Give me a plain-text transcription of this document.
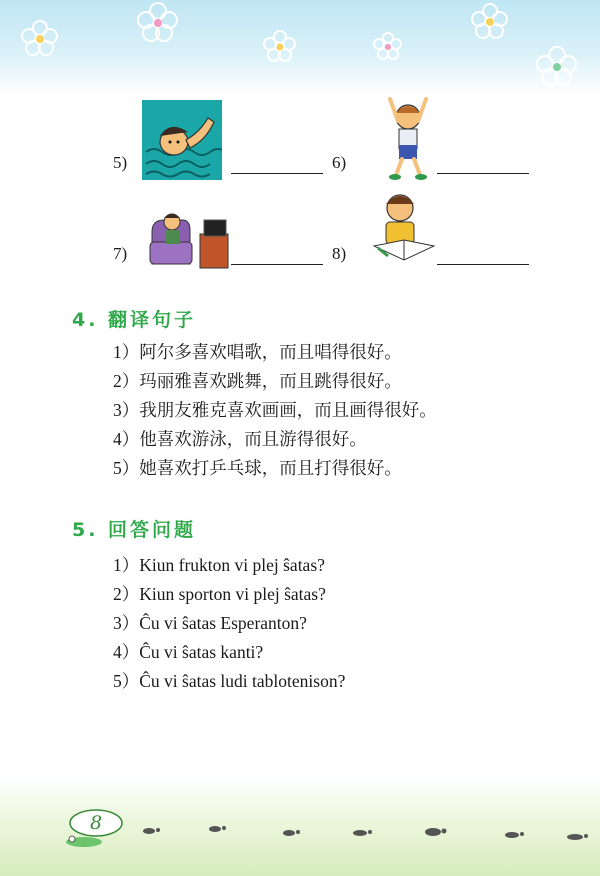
5)	6)
7)	8)
4. 翻译句子
1）阿尔多喜欢唱歌，而且唱得很好。
2）玛丽雅喜欢跳舞，而且跳得很好。
3）我朋友雅克喜欢画画，而且画得很好。
4）他喜欢游泳，而且游得很好。
5）她喜欢打乒乓球，而且打得很好。
5. 回答问题
1）Kiun frukton vi plej ŝatas?
2）Kiun sporton vi plej ŝatas?
3）Ĉu vi ŝatas Esperanton?
4）Ĉu vi ŝatas kanti?
5）Ĉu vi ŝatas ludi tablotenison?
8
